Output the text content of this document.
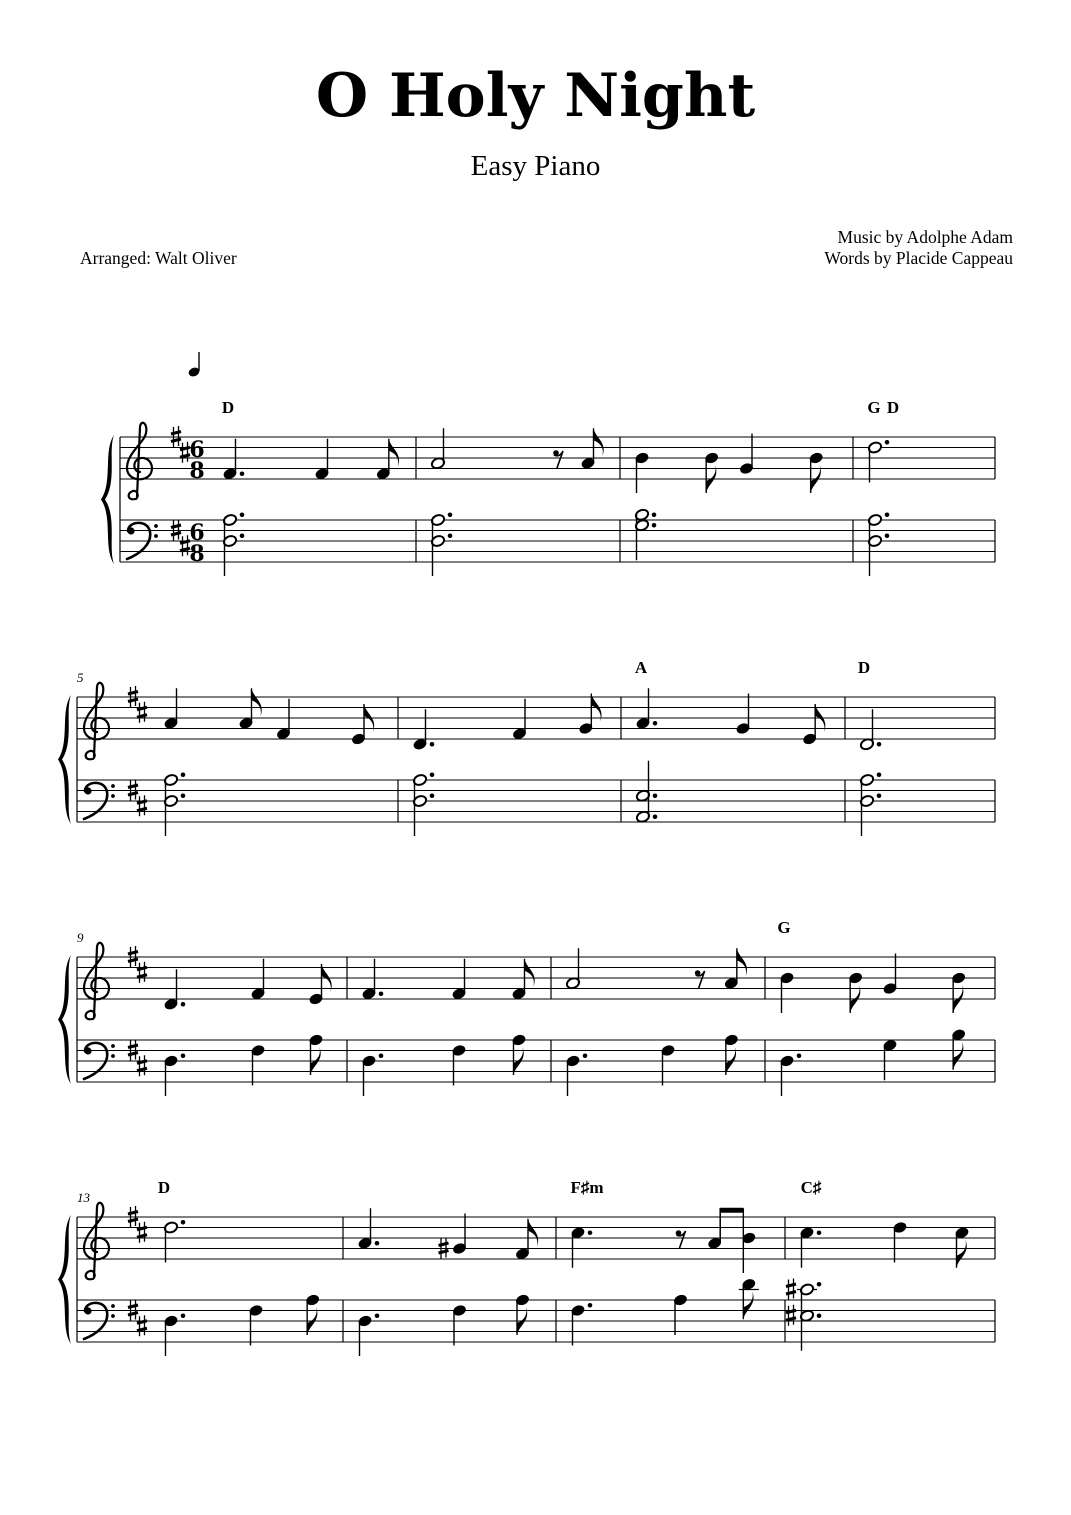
O Holy Night
Easy Piano
Arranged: Walt Oliver
Music by Adolphe Adam
Words by Placide Cappeau
6
8
6
8
D	G D
5
A	D
9
G
13
D	F♯m	C♯
